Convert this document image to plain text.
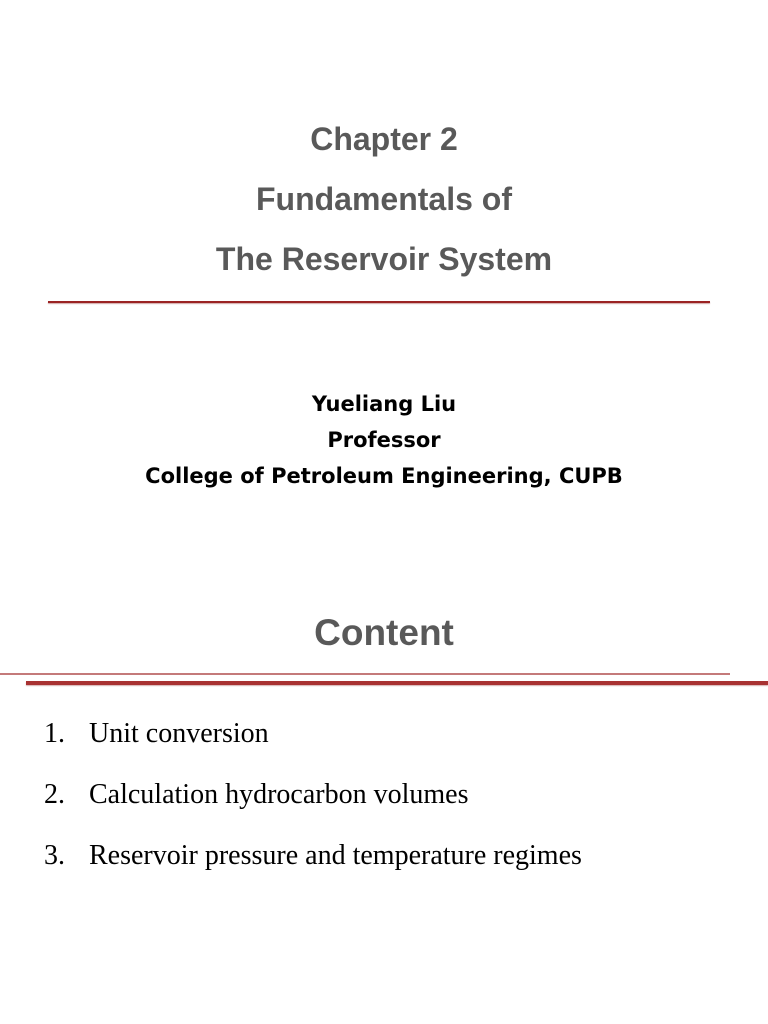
Chapter 2
Fundamentals of
The Reservoir System

Yueliang Liu

Professor

College of Petroleum Engineering, CUPB

Content
1. Unit conversion
2. Calculation hydrocarbon volumes
3. Reservoir pressure and temperature regimes
